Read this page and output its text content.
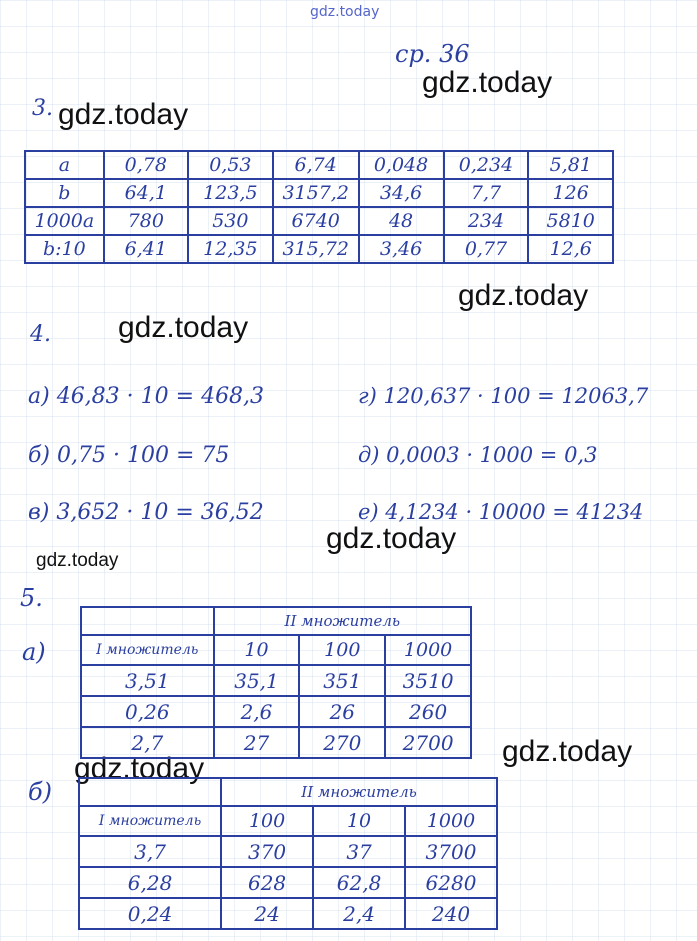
gdz.today
ср. 36
gdz.today
gdz.today
gdz.today
gdz.today
gdz.today
gdz.today
gdz.today
gdz.today
3.
a	0,78	0,53	6,74	0,048	0,234	5,81
b	64,1	123,5	3157,2	34,6	7,7	126
1000a	780	530	6740	48	234	5810
b:10	6,41	12,35	315,72	3,46	0,77	12,6
4.
а) 46,83 · 10 = 468,3
б) 0,75 · 100 = 75
в) 3,652 · 10 = 36,52
г) 120,637 · 100 = 12063,7
д) 0,0003 · 1000 = 0,3
е) 4,1234 · 10000 = 41234
5.
а)
	II множитель		
I множитель	10	100	1000
3,51	35,1	351	3510
0,26	2,6	26	260
2,7	27	270	2700
б)
		II множитель		
I множитель	100	10	1000
3,7	370	37	3700
6,28	628	62,8	6280
0,24	24	2,4	240
